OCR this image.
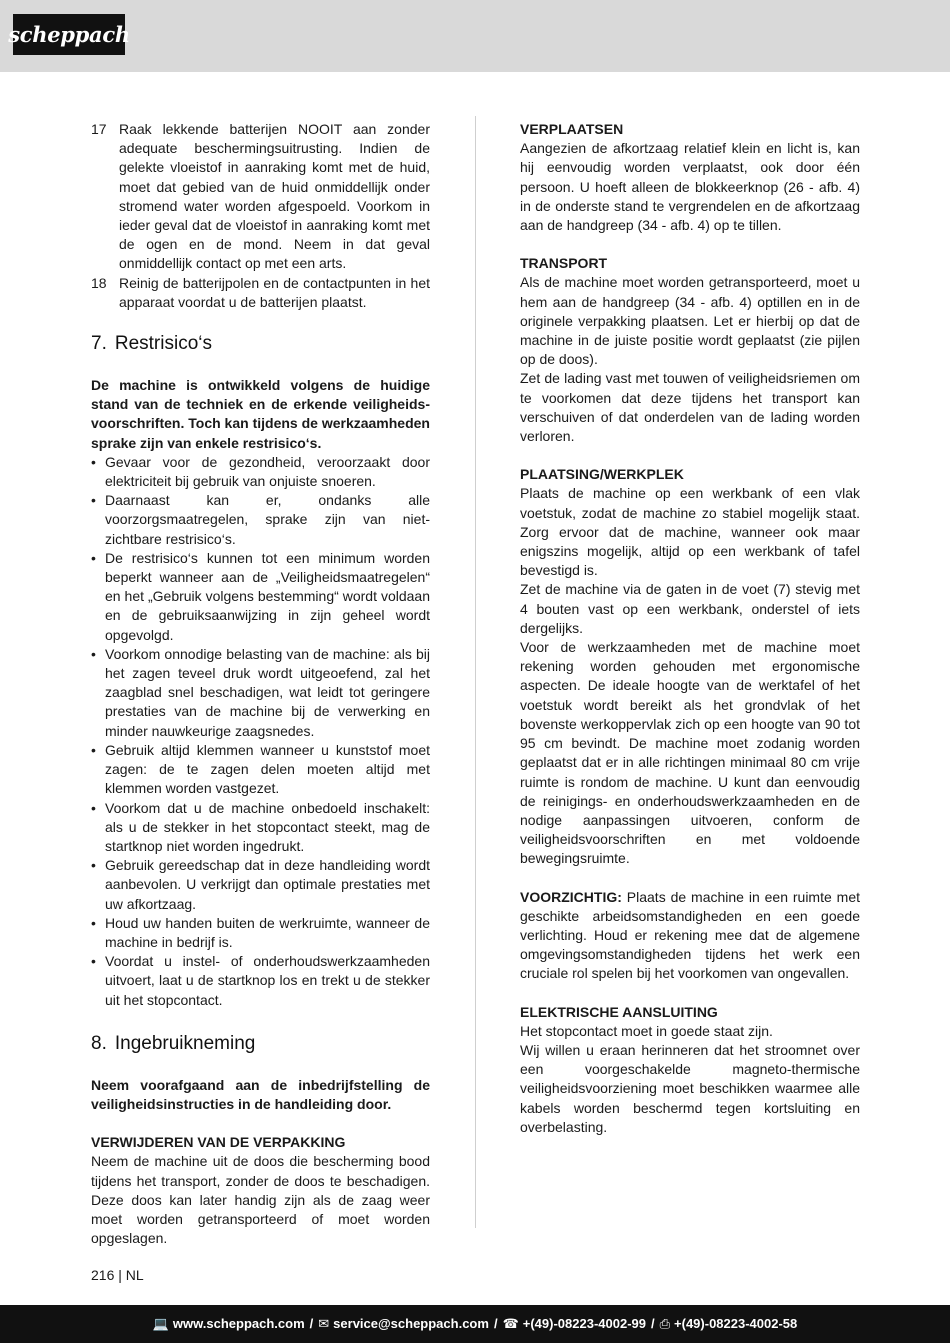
scheppach
17 Raak lekkende batterijen NOOIT aan zonder adequate beschermingsuitrusting. Indien de gelekte vloeistof in aanraking komt met de huid, moet dat gebied van de huid onmiddellijk onder stromend water worden afgespoeld. Voorkom in ieder geval dat de vloeistof in aanraking komt met de ogen en de mond. Neem in dat geval onmiddellijk contact op met een arts.
18 Reinig de batterijpolen en de contactpunten in het apparaat voordat u de batterijen plaatst.
7. Restrisico‘s

De machine is ontwikkeld volgens de huidige stand van de techniek en de erkende veiligheids-voorschriften. Toch kan tijdens de werkzaamheden sprake zijn van enkele restrisico‘s.

• Gevaar voor de gezondheid, veroorzaakt door elektriciteit bij gebruik van onjuiste snoeren.
• Daarnaast kan er, ondanks alle voorzorgsmaatregelen, sprake zijn van niet-zichtbare restrisico‘s.
• De restrisico‘s kunnen tot een minimum worden beperkt wanneer aan de „Veiligheidsmaatregelen“ en het „Gebruik volgens bestemming“ wordt voldaan en de gebruiksaanwijzing in zijn geheel wordt opgevolgd.
• Voorkom onnodige belasting van de machine: als bij het zagen teveel druk wordt uitgeoefend, zal het zaagblad snel beschadigen, wat leidt tot geringere prestaties van de machine bij de verwerking en minder nauwkeurige zaagsnedes.
• Gebruik altijd klemmen wanneer u kunststof moet zagen: de te zagen delen moeten altijd met klemmen worden vastgezet.
• Voorkom dat u de machine onbedoeld inschakelt: als u de stekker in het stopcontact steekt, mag de startknop niet worden ingedrukt.
• Gebruik gereedschap dat in deze handleiding wordt aanbevolen. U verkrijgt dan optimale prestaties met uw afkortzaag.
• Houd uw handen buiten de werkruimte, wanneer de machine in bedrijf is.
• Voordat u instel- of onderhoudswerkzaamheden uitvoert, laat u de startknop los en trekt u de stekker uit het stopcontact.
8. Ingebruikneming

Neem voorafgaand aan de inbedrijfstelling de veiligheidsinstructies in de handleiding door.

VERWIJDEREN VAN DE VERPAKKING

Neem de machine uit de doos die bescherming bood tijdens het transport, zonder de doos te beschadigen. Deze doos kan later handig zijn als de zaag weer moet worden getransporteerd of moet worden opgeslagen.

VERPLAATSEN

Aangezien de afkortzaag relatief klein en licht is, kan hij eenvoudig worden verplaatst, ook door één persoon. U hoeft alleen de blokkeerknop (26 - afb. 4) in de onderste stand te vergrendelen en de afkortzaag aan de handgreep (34 - afb. 4) op te tillen.

TRANSPORT

Als de machine moet worden getransporteerd, moet u hem aan de handgreep (34 - afb. 4) optillen en in de originele verpakking plaatsen. Let er hierbij op dat de machine in de juiste positie wordt geplaatst (zie pijlen op de doos).

Zet de lading vast met touwen of veiligheidsriemen om te voorkomen dat deze tijdens het transport kan verschuiven of dat onderdelen van de lading worden verloren.

PLAATSING/WERKPLEK

Plaats de machine op een werkbank of een vlak voetstuk, zodat de machine zo stabiel mogelijk staat. Zorg ervoor dat de machine, wanneer ook maar enigszins mogelijk, altijd op een werkbank of tafel bevestigd is.

Zet de machine via de gaten in de voet (7) stevig met 4 bouten vast op een werkbank, onderstel of iets dergelijks.

Voor de werkzaamheden met de machine moet rekening worden gehouden met ergonomische aspecten. De ideale hoogte van de werktafel of het voetstuk wordt bereikt als het grondvlak of het bovenste werkoppervlak zich op een hoogte van 90 tot 95 cm bevindt. De machine moet zodanig worden geplaatst dat er in alle richtingen minimaal 80 cm vrije ruimte is rondom de machine. U kunt dan eenvoudig de reinigings- en onderhoudswerkzaamheden en de nodige aanpassingen uitvoeren, conform de veiligheidsvoorschriften en met voldoende bewegingsruimte.

VOORZICHTIG: Plaats de machine in een ruimte met geschikte arbeidsomstandigheden en een goede verlichting. Houd er rekening mee dat de algemene omgevingsomstandigheden tijdens het werk een cruciale rol spelen bij het voorkomen van ongevallen.

ELEKTRISCHE AANSLUITING

Het stopcontact moet in goede staat zijn.

Wij willen u eraan herinneren dat het stroomnet over een voorgeschakelde magneto-thermische veiligheidsvoorziening moet beschikken waarmee alle kabels worden beschermd tegen kortsluiting en overbelasting.

216 | NL
💻 www.scheppach.com / ✉ service@scheppach.com / ☎ +(49)-08223-4002-99 / ⎙ +(49)-08223-4002-58
